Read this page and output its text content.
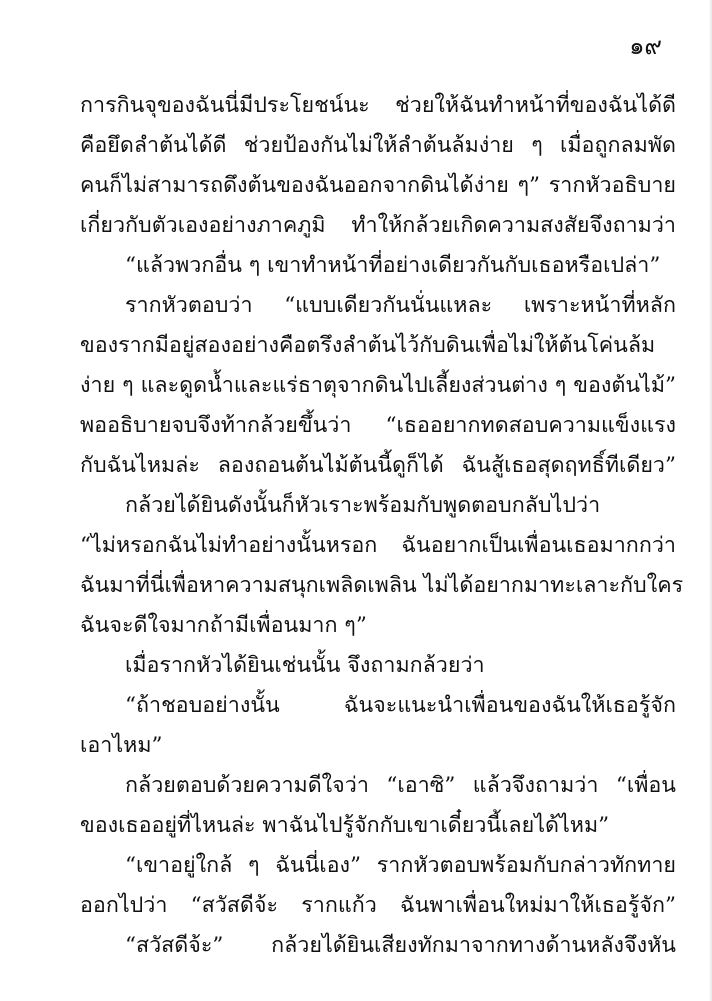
๑๙
การกินจุของฉันนี่มีประโยชน์นะ ช่วยให้ฉันทำหน้าที่ของฉันได้ดี
คือยึดลำต้นได้ดี ช่วยป้องกันไม่ให้ลำต้นล้มง่าย ๆ เมื่อถูกลมพัด
คนก็ไม่สามารถดึงต้นของฉันออกจากดินได้ง่าย ๆ” รากหัวอธิบาย
เกี่ยวกับตัวเองอย่างภาคภูมิ ทำให้กล้วยเกิดความสงสัยจึงถามว่า
“แล้วพวกอื่น ๆ เขาทำหน้าที่อย่างเดียวกันกับเธอหรือเปล่า”
รากหัวตอบว่า “แบบเดียวกันนั่นแหละ เพราะหน้าที่หลัก
ของรากมีอยู่สองอย่างคือตรึงลำต้นไว้กับดินเพื่อไม่ให้ต้นโค่นล้ม
ง่าย ๆ และดูดน้ำและแร่ธาตุจากดินไปเลี้ยงส่วนต่าง ๆ ของต้นไม้”
พออธิบายจบจึงท้ากล้วยขึ้นว่า “เธออยากทดสอบความแข็งแรง
กับฉันไหมล่ะ ลองถอนต้นไม้ต้นนี้ดูก็ได้ ฉันสู้เธอสุดฤทธิ์ทีเดียว”
กล้วยได้ยินดังนั้นก็หัวเราะพร้อมกับพูดตอบกลับไปว่า
“ไม่หรอกฉันไม่ทำอย่างนั้นหรอก ฉันอยากเป็นเพื่อนเธอมากกว่า
ฉันมาที่นี่เพื่อหาความสนุกเพลิดเพลิน ไม่ได้อยากมาทะเลาะกับใคร
ฉันจะดีใจมากถ้ามีเพื่อนมาก ๆ”
เมื่อรากหัวได้ยินเช่นนั้น จึงถามกล้วยว่า
“ถ้าชอบอย่างนั้น ฉันจะแนะนำเพื่อนของฉันให้เธอรู้จัก
เอาไหม”
กล้วยตอบด้วยความดีใจว่า “เอาซิ” แล้วจึงถามว่า “เพื่อน
ของเธออยู่ที่ไหนล่ะ พาฉันไปรู้จักกับเขาเดี๋ยวนี้เลยได้ไหม”
“เขาอยู่ใกล้ ๆ ฉันนี่เอง” รากหัวตอบพร้อมกับกล่าวทักทาย
ออกไปว่า “สวัสดีจ้ะ รากแก้ว ฉันพาเพื่อนใหม่มาให้เธอรู้จัก”
“สวัสดีจ้ะ” กล้วยได้ยินเสียงทักมาจากทางด้านหลังจึงหัน
